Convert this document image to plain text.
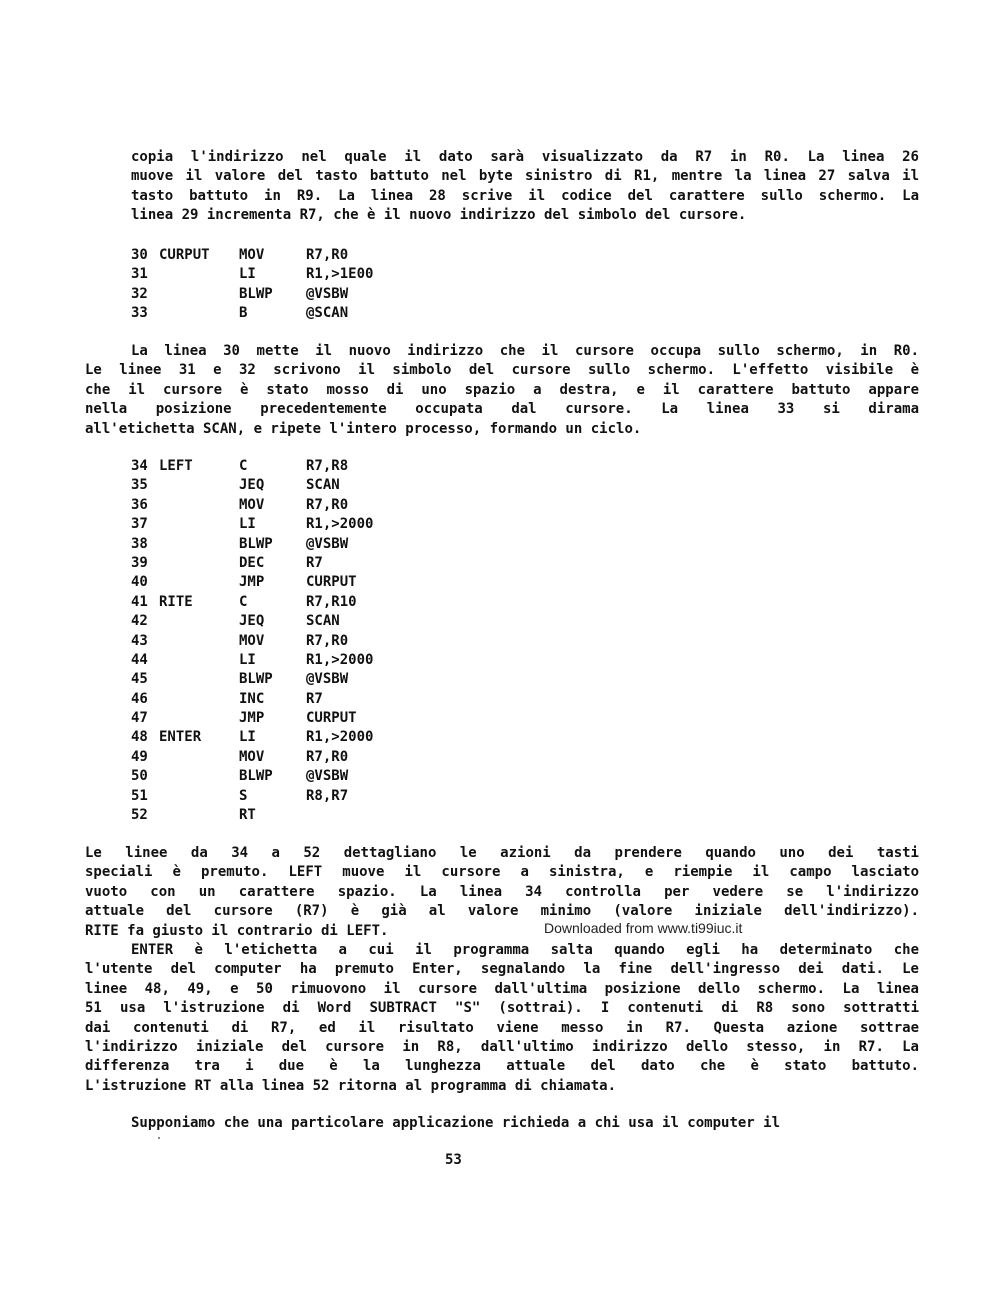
copia l'indirizzo nel quale il dato sarà visualizzato da R7 in R0. La linea 26
muove il valore del tasto battuto nel byte sinistro di R1, mentre la linea 27 salva il
tasto battuto in R9. La linea 28 scrive il codice del carattere sullo schermo. La
linea 29 incrementa R7, che è il nuovo indirizzo del simbolo del cursore.
30 CURPUT MOV	R7,R0
31	LI	R1,>1E00
32	BLWP @VSBW
33	B	@SCAN
La linea 30 mette il nuovo indirizzo che il cursore occupa sullo schermo, in R0.
Le linee 31 e 32 scrivono il simbolo del cursore sullo schermo. L'effetto visibile è
che il cursore è stato mosso di uno spazio a destra, e il carattere battuto appare
nella posizione precedentemente occupata dal cursore. La linea 33 si dirama
all'etichetta SCAN, e ripete l'intero processo, formando un ciclo.
34 LEFT	C	R7,R8
35	JEQ	SCAN
36	MOV	R7,R0
37	LI	R1,>2000
38	BLWP @VSBW
39	DEC	R7
40	JMP	CURPUT
41 RITE	C	R7,R10
42	JEQ	SCAN
43	MOV	R7,R0
44	LI	R1,>2000
45	BLWP @VSBW
46	INC	R7
47	JMP	CURPUT
48 ENTER	LI	R1,>2000
49	MOV	R7,R0
50	BLWP @VSBW
51	S	R8,R7
52	RT
Le linee da 34 a 52 dettagliano le azioni da prendere quando uno dei tasti
speciali è premuto. LEFT muove il cursore a sinistra, e riempie il campo lasciato
vuoto con un carattere spazio. La linea 34 controlla per vedere se l'indirizzo
attuale del cursore (R7) è già al valore minimo (valore iniziale dell'indirizzo).
RITE fa giusto il contrario di LEFT.
ENTER è l'etichetta a cui il programma salta quando egli ha determinato che
l'utente del computer ha premuto Enter, segnalando la fine dell'ingresso dei dati. Le
linee 48, 49, e 50 rimuovono il cursore dall'ultima posizione dello schermo. La linea
51 usa l'istruzione di Word SUBTRACT "S" (sottrai). I contenuti di R8 sono sottratti
dai contenuti di R7, ed il risultato viene messo in R7. Questa azione sottrae
l'indirizzo iniziale del cursore in R8, dall'ultimo indirizzo dello stesso, in R7. La
differenza tra i due è la lunghezza attuale del dato che è stato battuto.
L'istruzione RT alla linea 52 ritorna al programma di chiamata.
Supponiamo che una particolare applicazione richieda a chi usa il computer il
Downloaded from www.ti99iuc.it
53
